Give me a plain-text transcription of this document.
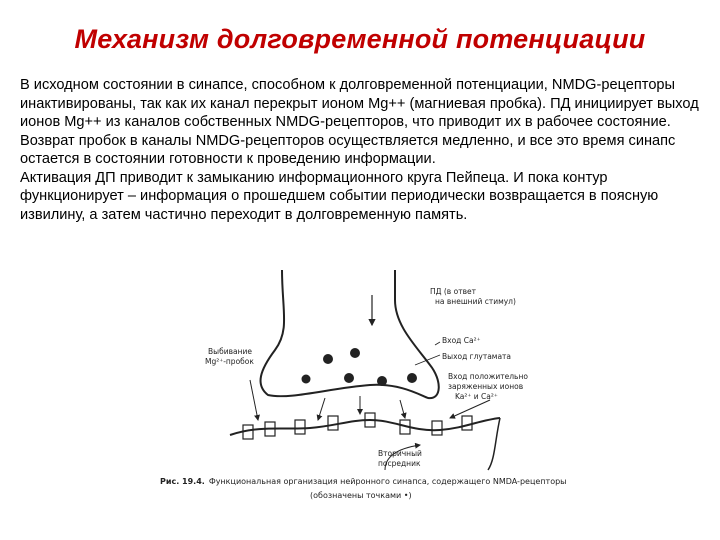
Механизм долговременной потенциации

В исходном состоянии в синапсе, способном к долговременной потенциации, NMDG-рецепторы инактивированы, так как их канал перекрыт ионом Mg++ (магниевая пробка). ПД инициирует выход ионов Mg++ из каналов собственных NMDG-рецепторов, что приводит их в рабочее состояние. Возврат пробок в каналы NMDG-рецепторов осуществляется медленно, и все это время синапс остается в состоянии готовности к проведению информации.

Активация ДП приводит к замыканию информационного круга Пейпеца. И пока контур функционирует – информация о прошедшем событии периодически возвращается в поясную извилину, а затем частично переходит в долговременную память.

ПД (в ответ
на внешний стимул)
Выбивание
Mg²⁺-пробок
Вход Ca²⁺
Выход глутамата
Вход положительно
заряженных ионов
Ka²⁺ и Ca²⁺
Вторичный
посредник
Рис. 19.4. Функциональная организация нейронного синапса, содержащего NMDA-рецепторы
(обозначены точками •)
